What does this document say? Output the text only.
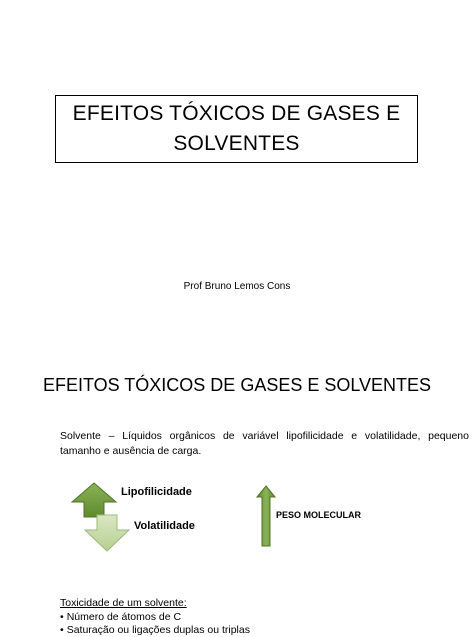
EFEITOS TÓXICOS DE GASES E SOLVENTES
Prof Bruno Lemos Cons
EFEITOS TÓXICOS DE GASES E SOLVENTES
Solvente – Líquidos orgânicos de variável lipofilicidade e volatilidade, pequeno tamanho e ausência de carga.
Lipofilicidade
Volatilidade
PESO MOLECULAR
Toxicidade de um solvente:
• Número de átomos de C
• Saturação ou ligações duplas ou triplas
